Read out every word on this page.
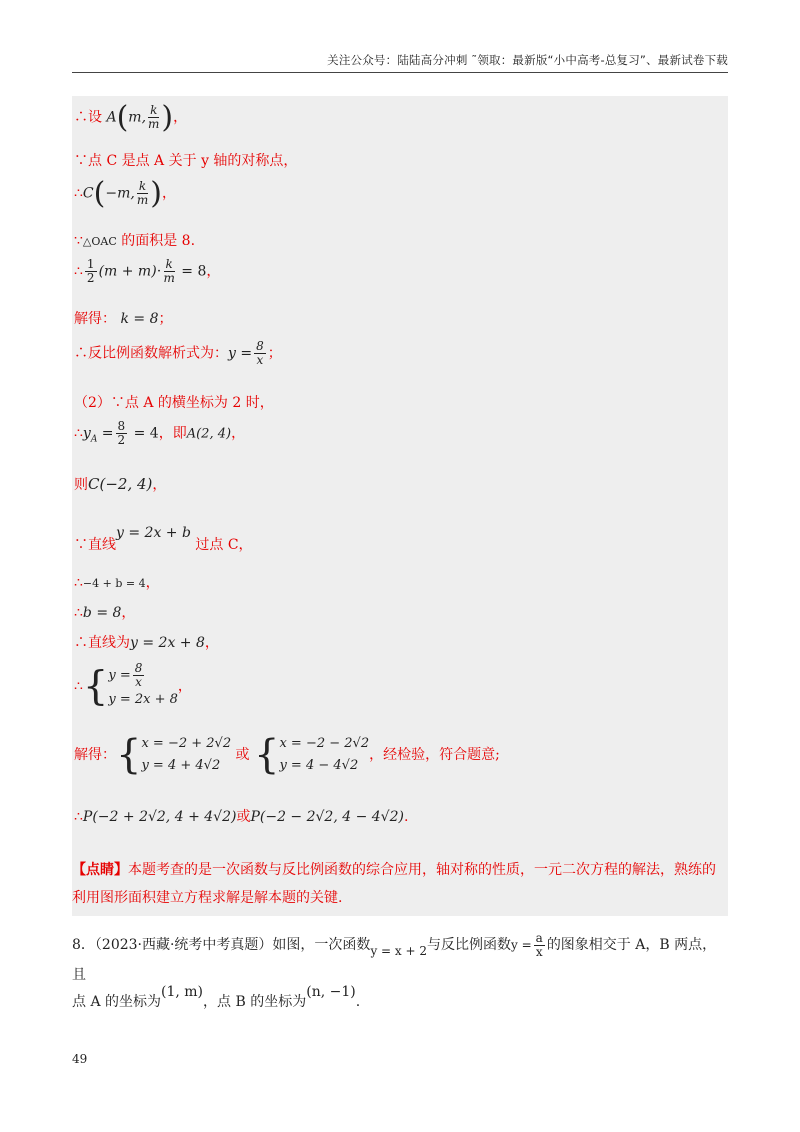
关注公众号：陆陆高分冲刺 ˜领取：最新版“小中高考-总复习”、最新试卷下载
∴设 A(m, $\frac{k}{m}$ )，
∵点 C 是点 A 关于 y 轴的对称点，
∴C(−m, $\frac{k}{m}$ )，
∵△OAC 的面积是 8.
∴ $\frac{1}{2} (m + m)\cdot \frac{k}{m} = 8$，
解得： k = 8；
∴反比例函数解析式为：$y = \frac{8}{x}$ ；
（2）∵点 A 的横坐标为 2 时，
$\therefore y_A = \frac{8}{2} = 4$，即A(2, 4)，
则C(−2, 4)，
∵直线y = 2x + b 过点 C，
∴−4 + b = 4，
∴b = 8，
∴直线为y = 2x + 8，
∴{ $y = \frac{8}{x}$
y = 2x + 8
，
解得：{ x = −2 + 2√2
y = 4 + 4√2
或 { x = −2 − 2√2
y = 4 − 4√2
，经检验，符合题意;
∴P(−2 + 2√2, 4 + 4√2)或P(−2 − 2√2, 4 − 4√2).
【点睛】本题考查的是一次函数与反比例函数的综合应用，轴对称的性质，一元二次方程的解法，熟练的利用图形面积建立方程求解是解本题的关键.
8．（2023·西藏·统考中考真题）如图，一次函数y = x + 2与反比例函数$y = \frac{a}{x}$ 的图象相交于 A，B 两点，且
点 A 的坐标为(1, m)，点 B 的坐标为(n, −1).
49
